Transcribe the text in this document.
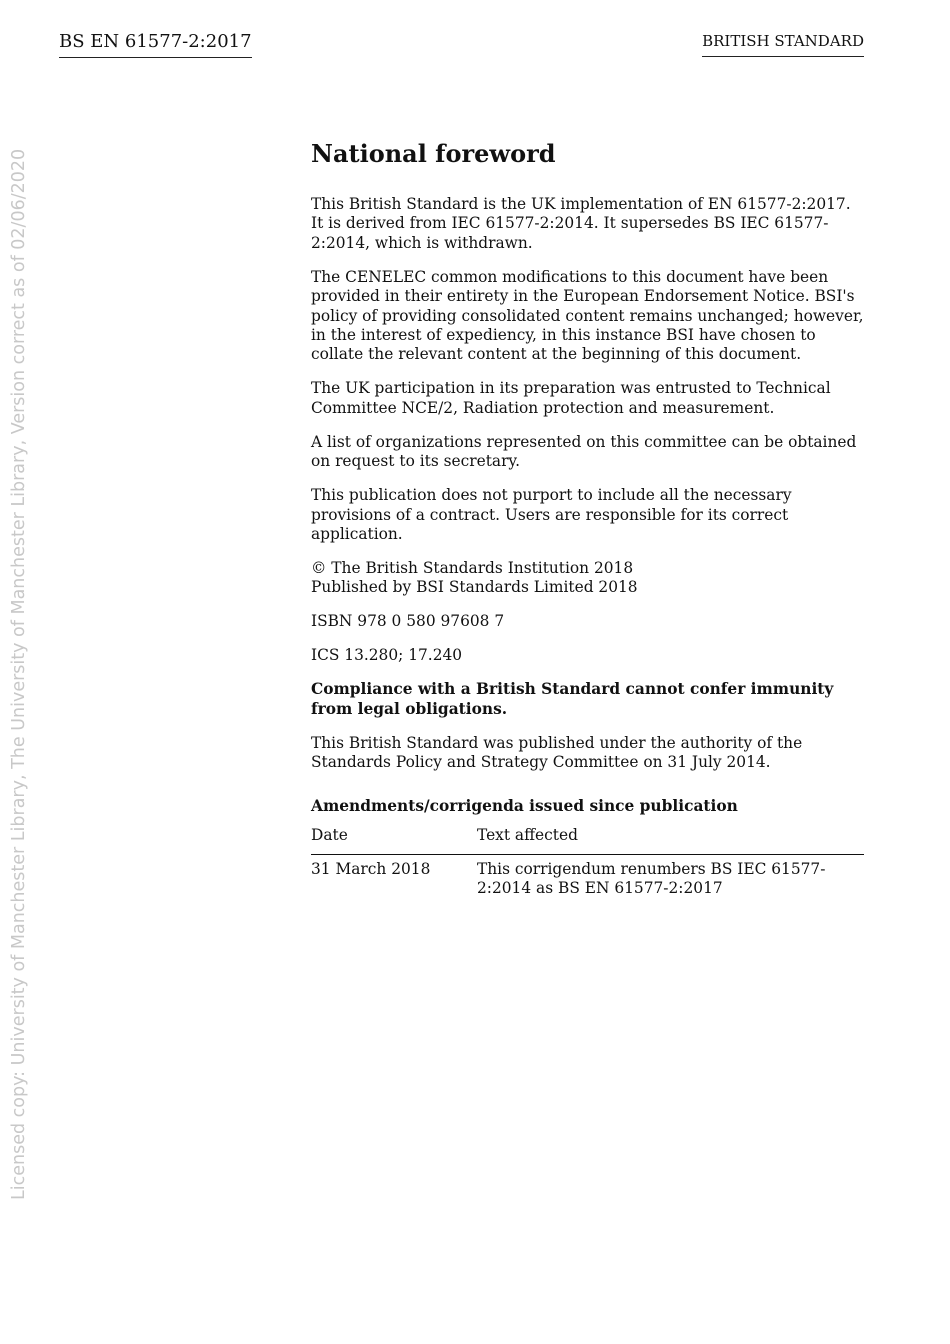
BS EN 61577-2:2017	BRITISH STANDARD
Licensed copy: University of Manchester Library, The University of Manchester Library, Version correct as of 02/06/2020	National foreword

This British Standard is the UK implementation of EN 61577-2:2017. It is derived from IEC 61577-2:2014. It supersedes BS IEC 61577-2:2014, which is withdrawn.

The CENELEC common modifications to this document have been provided in their entirety in the European Endorsement Notice. BSI's policy of providing consolidated content remains unchanged; however, in the interest of expediency, in this instance BSI have chosen to collate the relevant content at the beginning of this document.

The UK participation in its preparation was entrusted to Technical Committee NCE/2, Radiation protection and measurement.

A list of organizations represented on this committee can be obtained on request to its secretary.

This publication does not purport to include all the necessary provisions of a contract. Users are responsible for its correct application.

© The British Standards Institution 2018
Published by BSI Standards Limited 2018

ISBN 978 0 580 97608 7

ICS 13.280; 17.240

Compliance with a British Standard cannot confer immunity from legal obligations.

This British Standard was published under the authority of the Standards Policy and Strategy Committee on 31 July 2014.

Amendments/corrigenda issued since publication
Date	Text affected
31 March 2018	This corrigendum renumbers BS IEC 61577-2:2014 as BS EN 61577-2:2017
